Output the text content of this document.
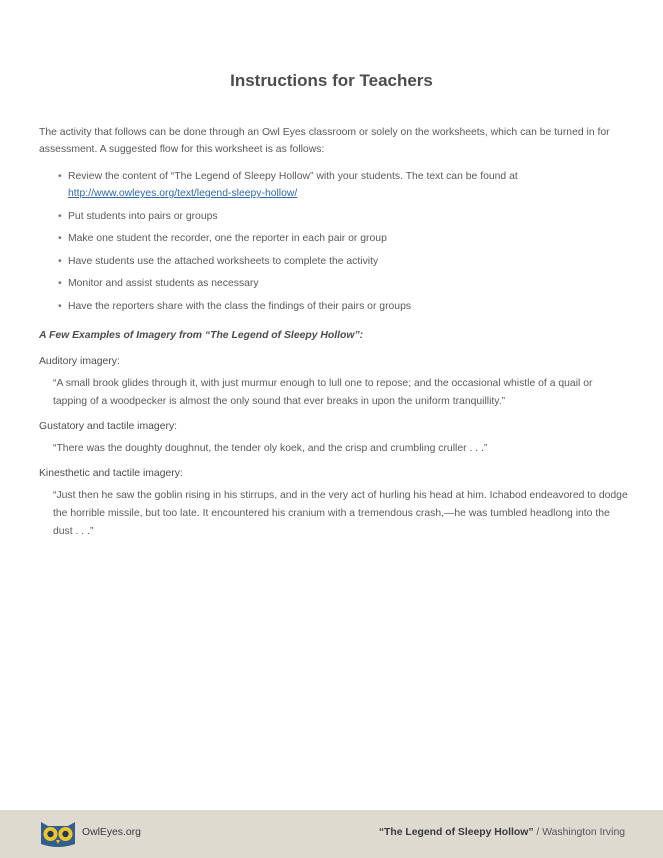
Instructions for Teachers
The activity that follows can be done through an Owl Eyes classroom or solely on the worksheets, which can be turned in for assessment. A suggested flow for this worksheet is as follows:
• Review the content of “The Legend of Sleepy Hollow” with your students. The text can be found at http://www.owleyes.org/text/legend-sleepy-hollow/
• Put students into pairs or groups
• Make one student the recorder, one the reporter in each pair or group
• Have students use the attached worksheets to complete the activity
• Monitor and assist students as necessary
• Have the reporters share with the class the findings of their pairs or groups
A Few Examples of Imagery from “The Legend of Sleepy Hollow”:
Auditory imagery:
“A small brook glides through it, with just murmur enough to lull one to repose; and the occasional whistle of a quail or tapping of a woodpecker is almost the only sound that ever breaks in upon the uniform tranquillity.”
Gustatory and tactile imagery:
“There was the doughty doughnut, the tender oly koek, and the crisp and crumbling cruller . . .”
Kinesthetic and tactile imagery:
“Just then he saw the goblin rising in his stirrups, and in the very act of hurling his head at him. Ichabod endeavored to dodge the horrible missile, but too late. It encountered his cranium with a tremendous crash,—he was tumbled headlong into the dust . . .”
OwlEyes.org	“The Legend of Sleepy Hollow” / Washington Irving
